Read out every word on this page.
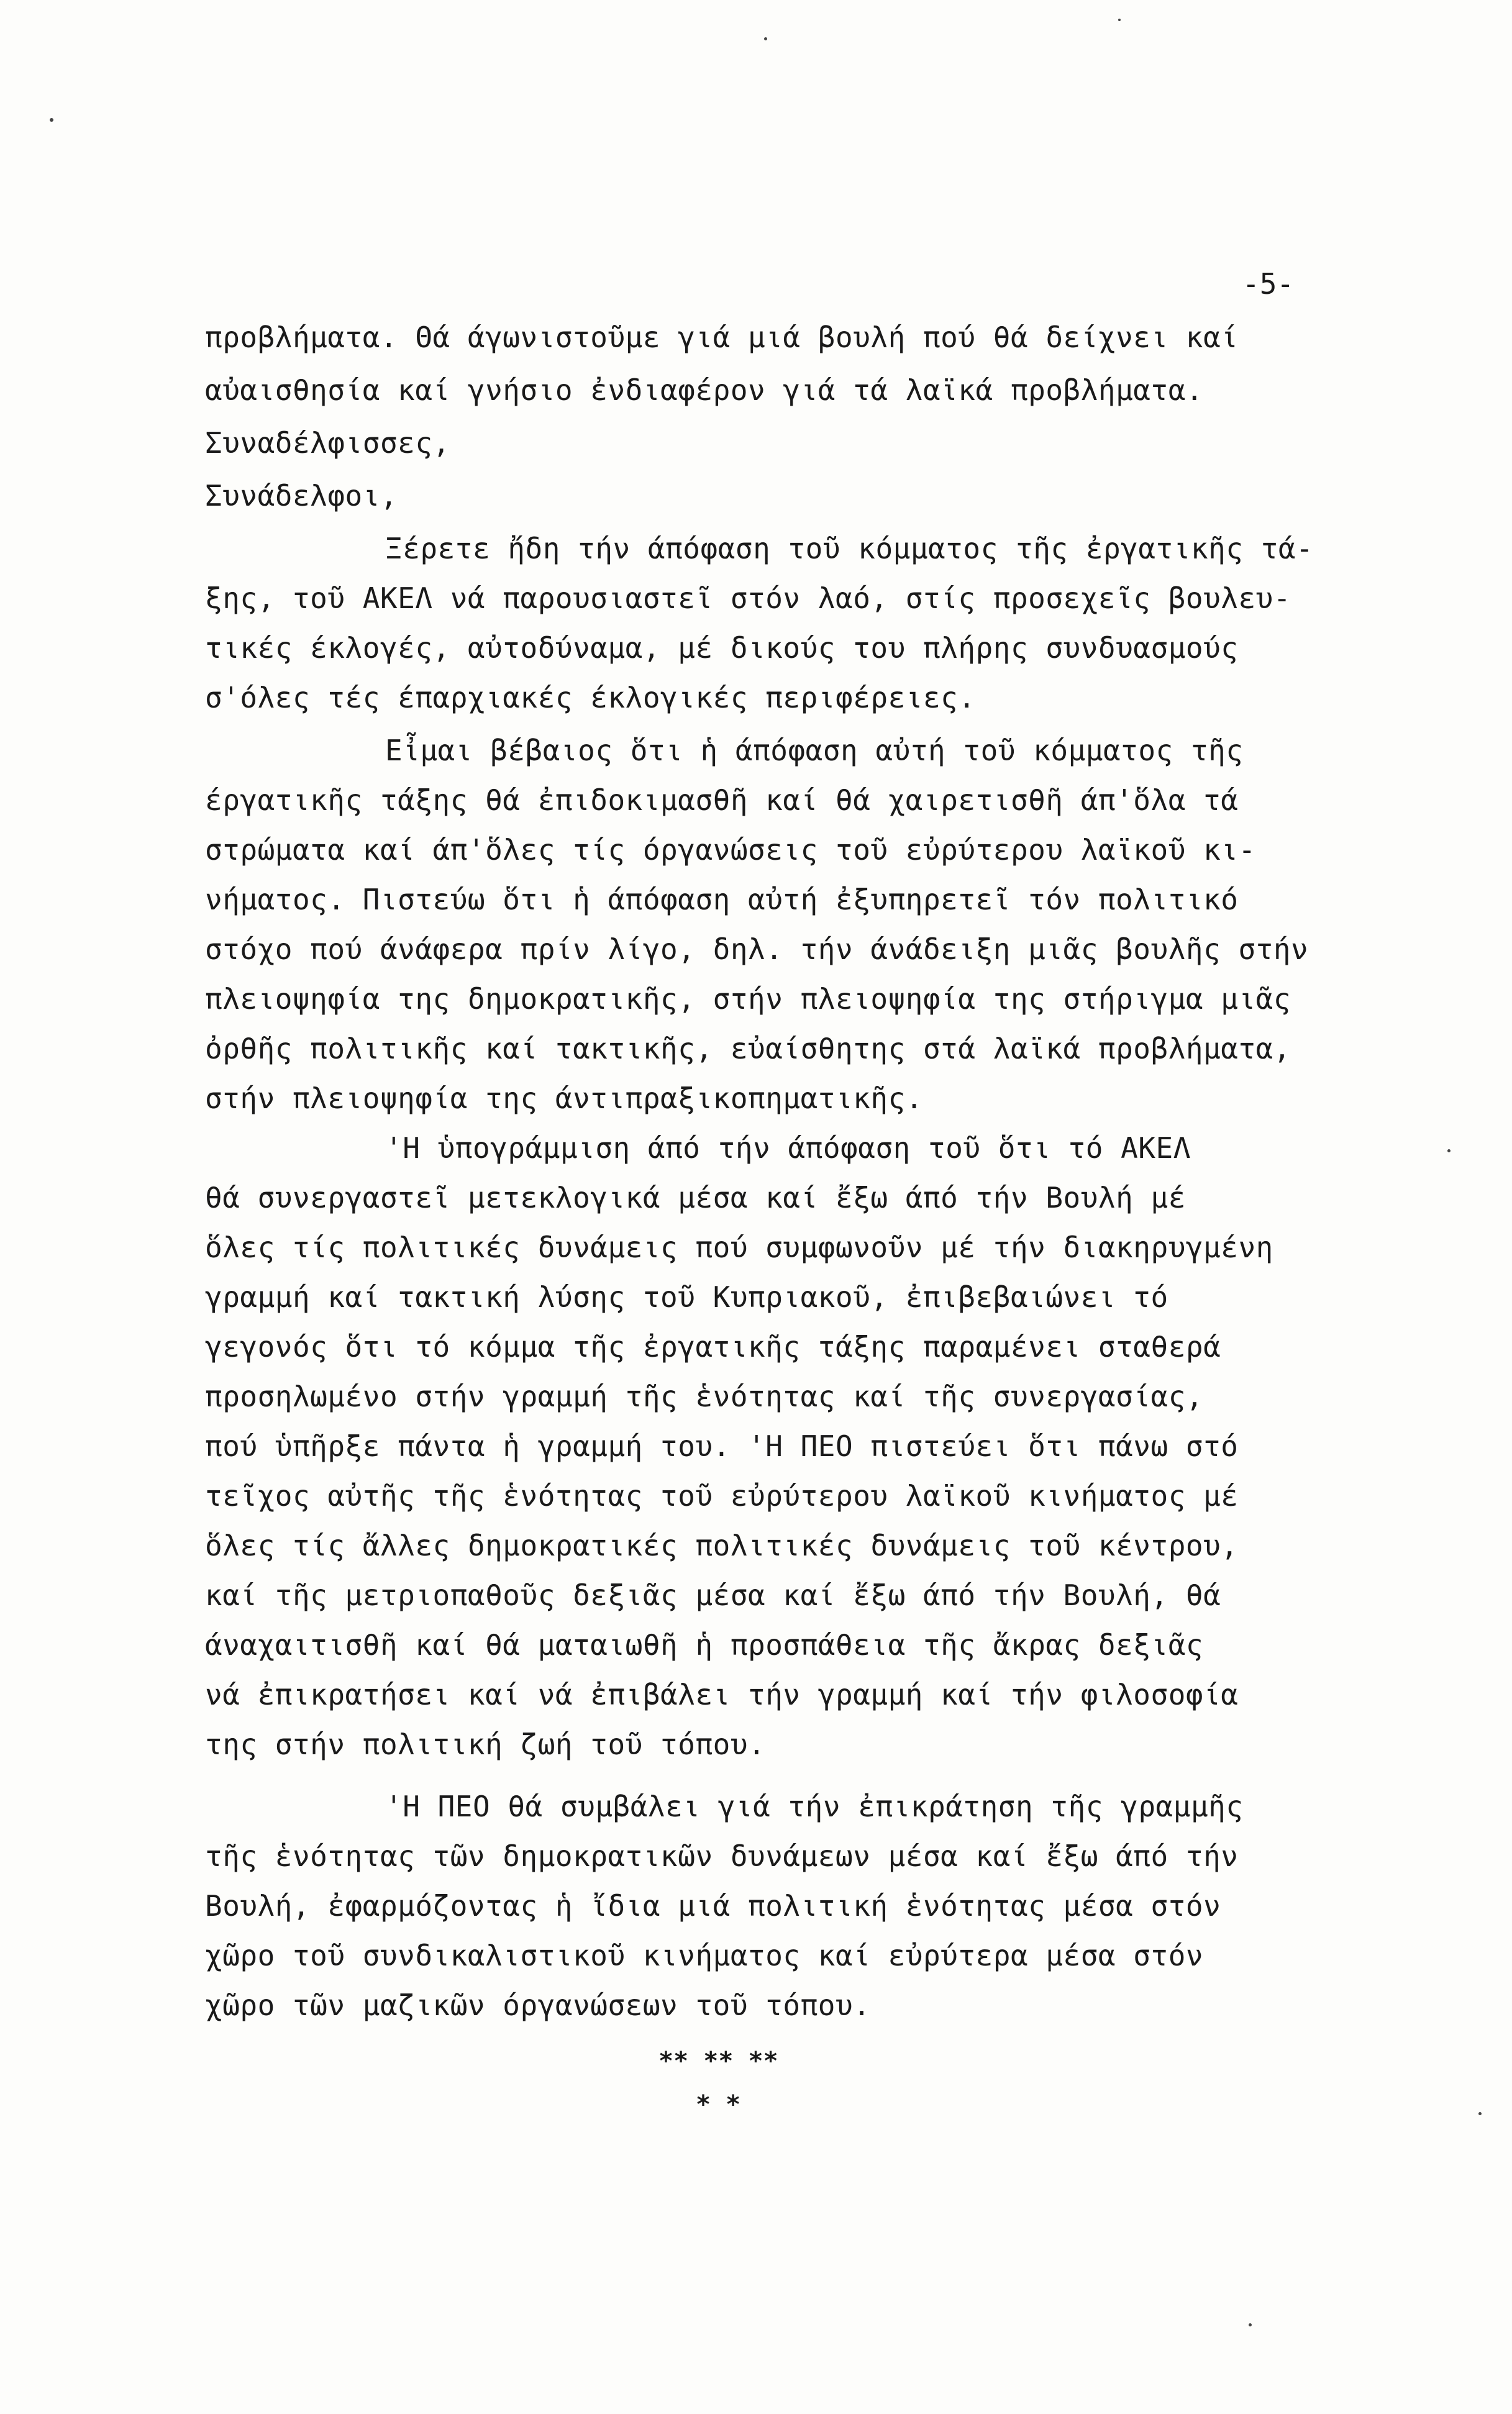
-5-
προβλήματα. Θά άγωνιστοῦμε γιά μιά βουλή πού θά δείχνει καί
αὐαισθησία καί γνήσιο ἐνδιαφέρον γιά τά λαϊκά προβλήματα.
Συναδέλφισσες,
Συνάδελφοι,
Ξέρετε ἤδη τήν άπόφαση τοῦ κόμματος τῆς ἐργατικῆς τά-
ξης, τοῦ ΑΚΕΛ νά παρουσιαστεῖ στόν λαό, στίς προσεχεῖς βουλευ-
τικές έκλογές, αὐτοδύναμα, μέ δικούς του πλήρης συνδυασμούς
σ'όλες τές έπαρχιακές έκλογικές περιφέρειες.
Εἶμαι βέβαιος ὅτι ἡ άπόφαση αὐτή τοῦ κόμματος τῆς
έργατικῆς τάξης θά ἐπιδοκιμασθῆ καί θά χαιρετισθῆ άπ'ὅλα τά
στρώματα καί άπ'ὅλες τίς όργανώσεις τοῦ εὐρύτερου λαϊκοῦ κι-
νήματος. Πιστεύω ὅτι ἡ άπόφαση αὐτή ἐξυπηρετεῖ τόν πολιτικό
στόχο πού άνάφερα πρίν λίγο, δηλ. τήν άνάδειξη μιᾶς βουλῆς στήν
πλειοψηφία της δημοκρατικῆς, στήν πλειοψηφία της στήριγμα μιᾶς
ὀρθῆς πολιτικῆς καί τακτικῆς, εὐαίσθητης στά λαϊκά προβλήματα,
στήν πλειοψηφία της άντιπραξικοπηματικῆς.
'Η ὑπογράμμιση άπό τήν άπόφαση τοῦ ὅτι τό ΑΚΕΛ
θά συνεργαστεῖ μετεκλογικά μέσα καί ἔξω άπό τήν Βουλή μέ
ὅλες τίς πολιτικές δυνάμεις πού συμφωνοῦν μέ τήν διακηρυγμένη
γραμμή καί τακτική λύσης τοῦ Κυπριακοῦ, ἐπιβεβαιώνει τό
γεγονός ὅτι τό κόμμα τῆς ἐργατικῆς τάξης παραμένει σταθερά
προσηλωμένο στήν γραμμή τῆς ἑνότητας καί τῆς συνεργασίας,
πού ὑπῆρξε πάντα ἡ γραμμή του. 'Η ΠΕΟ πιστεύει ὅτι πάνω στό
τεῖχος αὐτῆς τῆς ἑνότητας τοῦ εὐρύτερου λαϊκοῦ κινήματος μέ
ὅλες τίς ἄλλες δημοκρατικές πολιτικές δυνάμεις τοῦ κέντρου,
καί τῆς μετριοπαθοῦς δεξιᾶς μέσα καί ἔξω άπό τήν Βουλή, θά
άναχαιτισθῆ καί θά ματαιωθῆ ἡ προσπάθεια τῆς ἄκρας δεξιᾶς
νά ἐπικρατήσει καί νά ἐπιβάλει τήν γραμμή καί τήν φιλοσοφία
της στήν πολιτική ζωή τοῦ τόπου.
'Η ΠΕΟ θά συμβάλει γιά τήν ἐπικράτηση τῆς γραμμῆς
τῆς ἑνότητας τῶν δημοκρατικῶν δυνάμεων μέσα καί ἔξω άπό τήν
Βουλή, ἐφαρμόζοντας ἡ ἴδια μιά πολιτική ἑνότητας μέσα στόν
χῶρο τοῦ συνδικαλιστικοῦ κινήματος καί εὐρύτερα μέσα στόν
χῶρο τῶν μαζικῶν όργανώσεων τοῦ τόπου.
** ** **
* *
